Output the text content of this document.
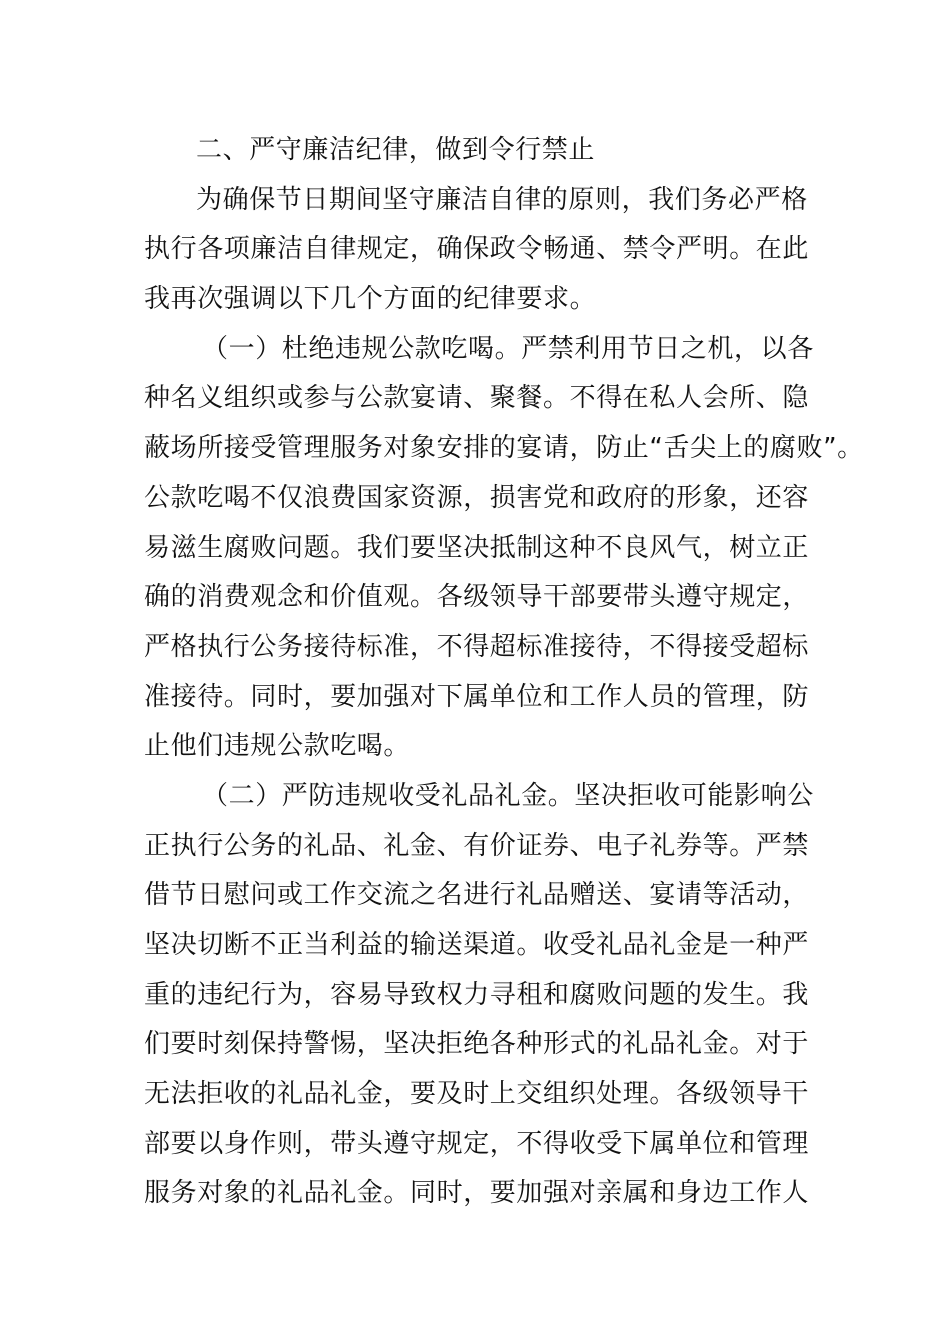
二、严守廉洁纪律，做到令行禁止
为确保节日期间坚守廉洁自律的原则，我们务必严格
执行各项廉洁自律规定，确保政令畅通、禁令严明。在此
我再次强调以下几个方面的纪律要求。
（一）杜绝违规公款吃喝。严禁利用节日之机，以各
种名义组织或参与公款宴请、聚餐。不得在私人会所、隐
蔽场所接受管理服务对象安排的宴请，防止“舌尖上的腐败”。
公款吃喝不仅浪费国家资源，损害党和政府的形象，还容
易滋生腐败问题。我们要坚决抵制这种不良风气，树立正
确的消费观念和价值观。各级领导干部要带头遵守规定，
严格执行公务接待标准，不得超标准接待，不得接受超标
准接待。同时，要加强对下属单位和工作人员的管理，防
止他们违规公款吃喝。
（二）严防违规收受礼品礼金。坚决拒收可能影响公
正执行公务的礼品、礼金、有价证券、电子礼券等。严禁
借节日慰问或工作交流之名进行礼品赠送、宴请等活动，
坚决切断不正当利益的输送渠道。收受礼品礼金是一种严
重的违纪行为，容易导致权力寻租和腐败问题的发生。我
们要时刻保持警惕，坚决拒绝各种形式的礼品礼金。对于
无法拒收的礼品礼金，要及时上交组织处理。各级领导干
部要以身作则，带头遵守规定，不得收受下属单位和管理
服务对象的礼品礼金。同时，要加强对亲属和身边工作人
